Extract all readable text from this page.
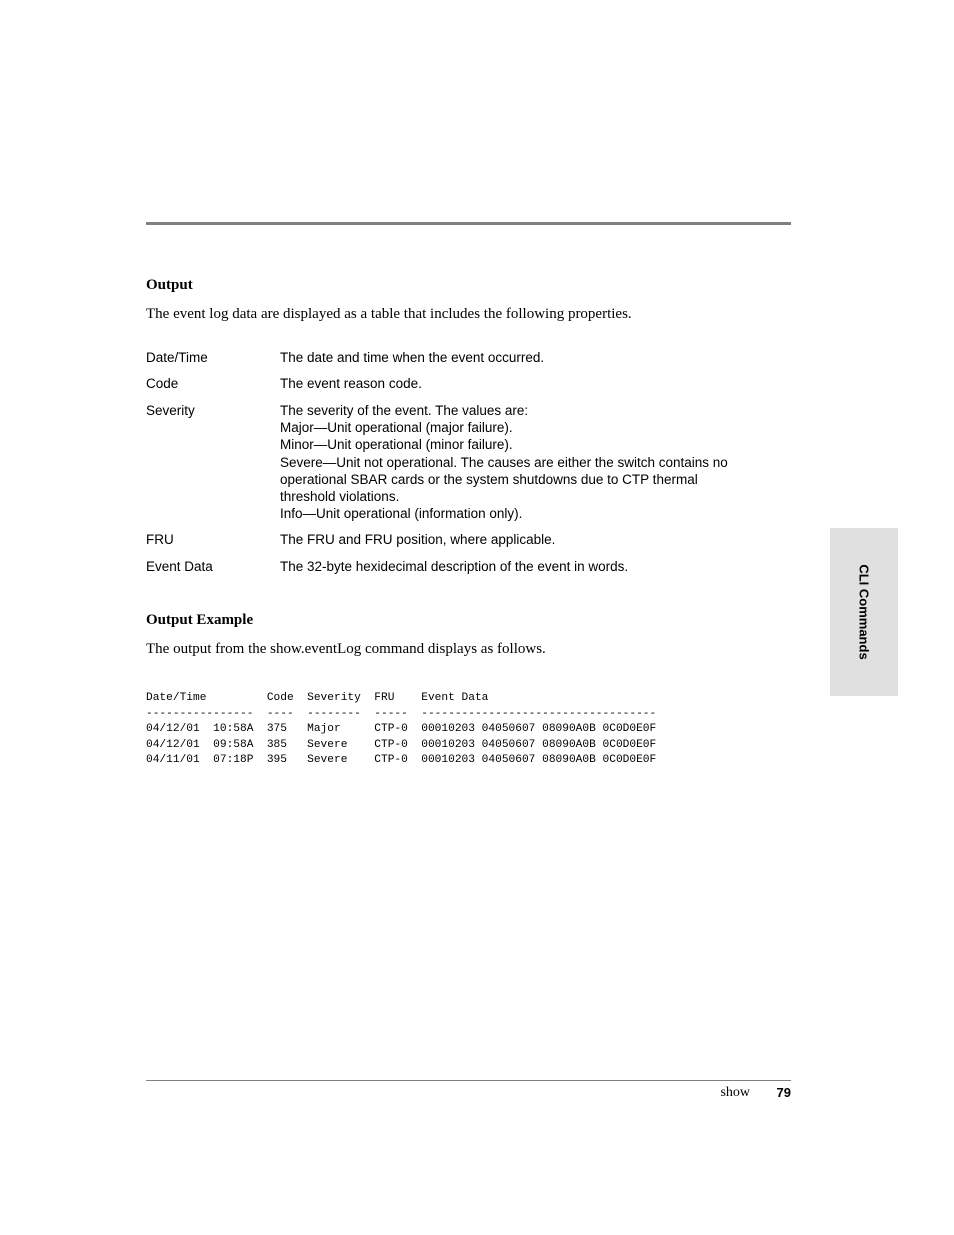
Output

The event log data are displayed as a table that includes the following properties.

Date/Time	The date and time when the event occurred.
Code	The event reason code.
Severity	The severity of the event. The values are:
Major—Unit operational (major failure).
Minor—Unit operational (minor failure).
Severe—Unit not operational. The causes are either the switch contains no
operational SBAR cards or the system shutdowns due to CTP thermal
threshold violations.
Info—Unit operational (information only).
FRU	The FRU and FRU position, where applicable.
Event Data	The 32-byte hexidecimal description of the event in words.
Output Example

The output from the show.eventLog command displays as follows.

Date/Time         Code  Severity  FRU    Event Data
----------------  ----  --------  -----  -----------------------------------
04/12/01  10:58A  375   Major     CTP-0  00010203 04050607 08090A0B 0C0D0E0F
04/12/01  09:58A  385   Severe    CTP-0  00010203 04050607 08090A0B 0C0D0E0F
04/11/01  07:18P  395   Severe    CTP-0  00010203 04050607 08090A0B 0C0D0E0F
CLI Commands
show 79
